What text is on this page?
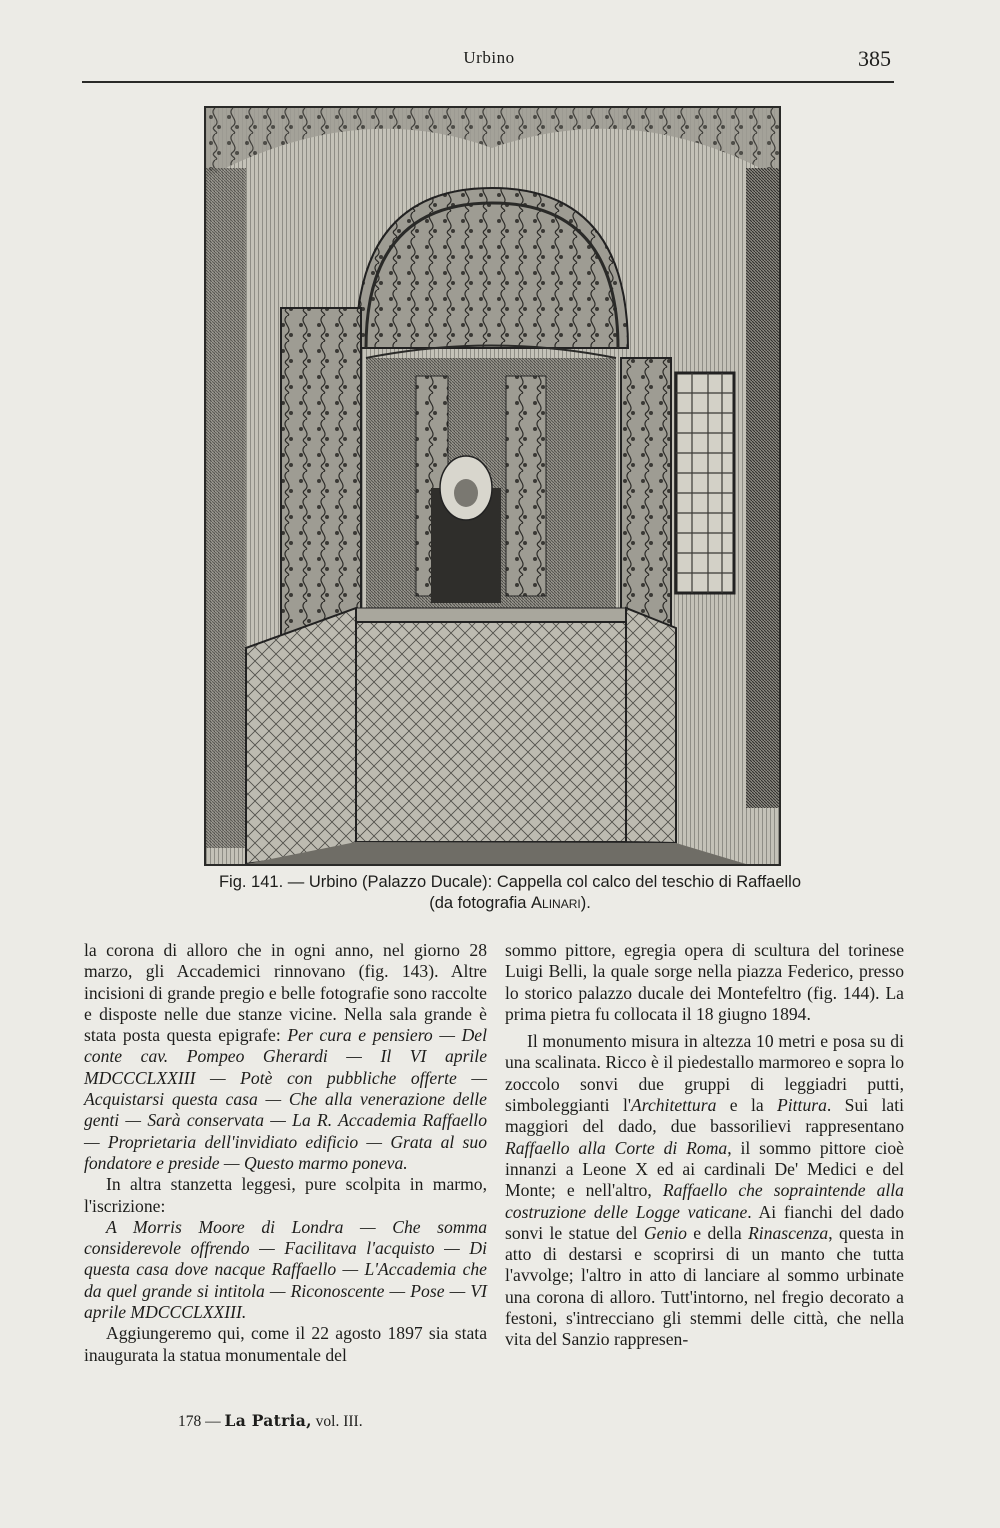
Urbino	385
Fig. 141. — Urbino (Palazzo Ducale): Cappella col calco del teschio di Raffaello
(da fotografia Alinari).

la corona di alloro che in ogni anno, nel giorno 28 marzo, gli Accademici rinnovano (fig. 143). Altre incisioni di grande pregio e belle fotografie sono raccolte e disposte nelle due stanze vicine. Nella sala grande è stata posta questa epigrafe: Per cura e pensiero — Del conte cav. Pompeo Gherardi — Il VI aprile MDCCCLXXIII — Potè con pubbliche offerte — Acquistarsi questa casa — Che alla venerazione delle genti — Sarà conservata — La R. Accademia Raffaello — Proprietaria dell'invidiato edificio — Grata al suo fondatore e preside — Questo marmo poneva.

In altra stanzetta leggesi, pure scolpita in marmo, l'iscrizione:

A Morris Moore di Londra — Che somma considerevole offrendo — Facilitava l'acquisto — Di questa casa dove nacque Raffaello — L'Accademia che da quel grande si intitola — Riconoscente — Pose — VI aprile MDCCCLXXIII.

Aggiungeremo qui, come il 22 agosto 1897 sia stata inaugurata la statua monumentale del

sommo pittore, egregia opera di scultura del torinese Luigi Belli, la quale sorge nella piazza Federico, presso lo storico palazzo ducale dei Montefeltro (fig. 144). La prima pietra fu collocata il 18 giugno 1894.

Il monumento misura in altezza 10 metri e posa su di una scalinata. Ricco è il piedestallo marmoreo e sopra lo zoccolo sonvi due gruppi di leggiadri putti, simboleggianti l'Architettura e la Pittura. Sui lati maggiori del dado, due bassorilievi rappresentano Raffaello alla Corte di Roma, il sommo pittore cioè innanzi a Leone X ed ai cardinali De' Medici e del Monte; e nell'altro, Raffaello che sopraintende alla costruzione delle Logge vaticane. Ai fianchi del dado sonvi le statue del Genio e della Rinascenza, questa in atto di destarsi e scoprirsi di un manto che tutta l'avvolge; l'altro in atto di lanciare al sommo urbinate una corona di alloro. Tutt'intorno, nel fregio decorato a festoni, s'intrecciano gli stemmi delle città, che nella vita del Sanzio rappresen-

178 — La Patria, vol. III.
